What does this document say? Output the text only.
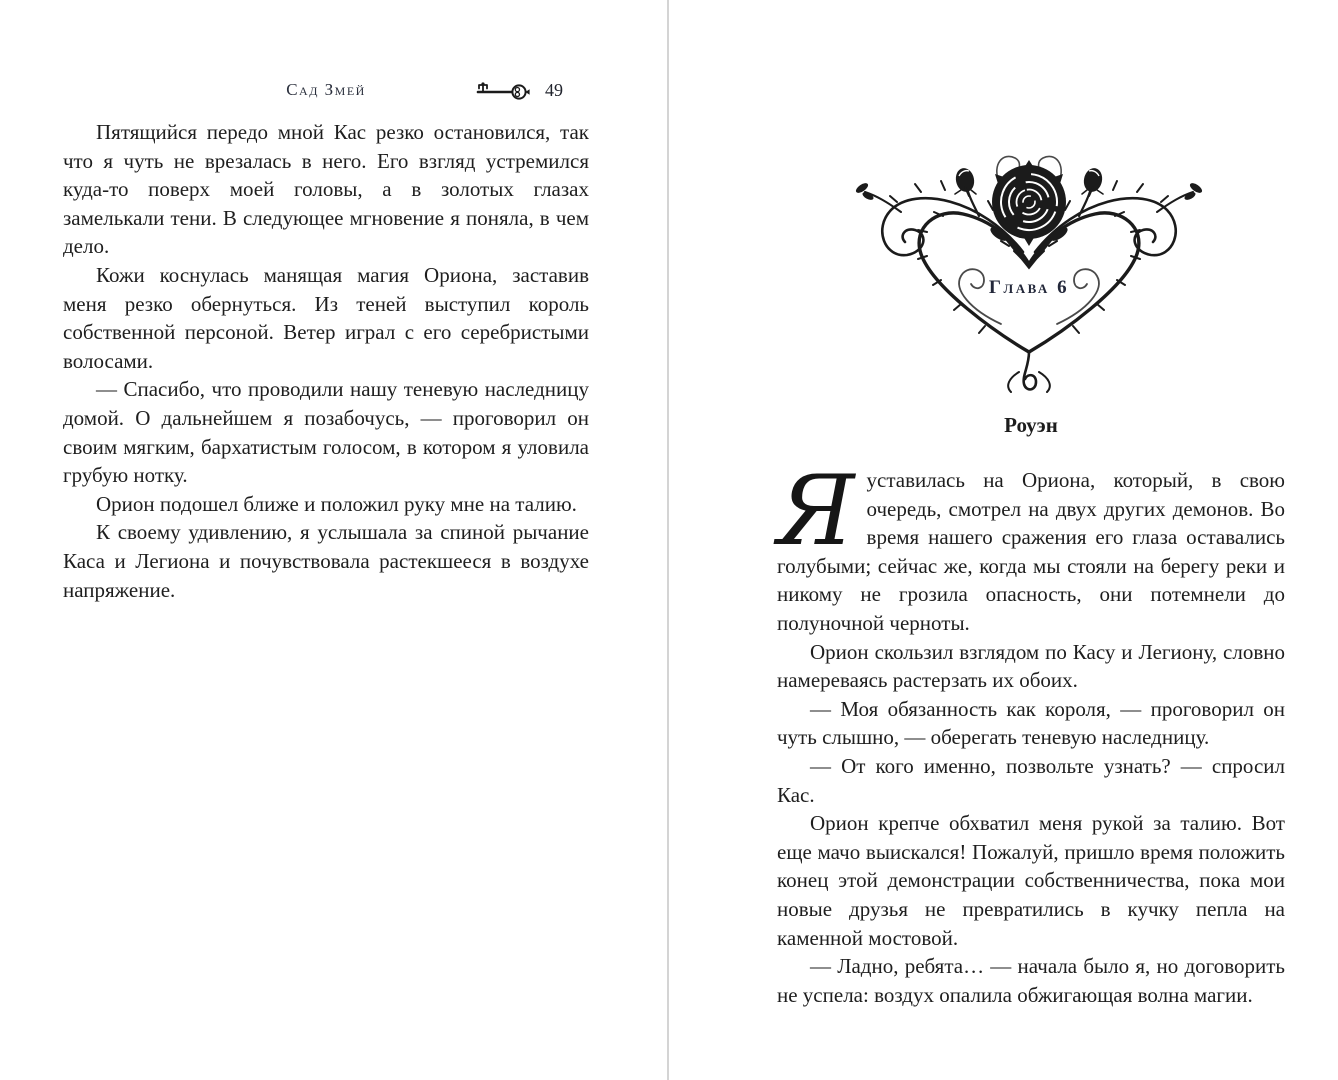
Сад Змей	49

Пятящийся передо мной Кас резко остановился, так что я чуть не врезалась в него. Его взгляд устремился куда-то поверх моей головы, а в золотых глазах замелькали тени. В следующее мгновение я поняла, в чем дело.

Кожи коснулась манящая магия Ориона, заставив меня резко обернуться. Из теней выступил король собственной персоной. Ветер играл с его серебристыми волосами.

— Спасибо, что проводили нашу теневую наследницу домой. О дальнейшем я позабочусь, — проговорил он своим мягким, бархатистым голосом, в котором я уловила грубую нотку.

Орион подошел ближе и положил руку мне на талию.

К своему удивлению, я услышала за спиной рычание Каса и Легиона и почувствовала растекшееся в воздухе напряжение.

Глава 6
Роуэн

Я уставилась на Ориона, который, в свою очередь, смотрел на двух других демонов. Во время нашего сражения его глаза оставались голубыми; сейчас же, когда мы стояли на берегу реки и никому не грозила опасность, они потемнели до полуночной черноты.

Орион скользил взглядом по Касу и Легиону, словно намереваясь растерзать их обоих.

— Моя обязанность как короля, — проговорил он чуть слышно, — оберегать теневую наследницу.

— От кого именно, позвольте узнать? — спросил Кас.

Орион крепче обхватил меня рукой за талию. Вот еще мачо выискался! Пожалуй, пришло время положить конец этой демонстрации собственничества, пока мои новые друзья не превратились в кучку пепла на каменной мостовой.

— Ладно, ребята… — начала было я, но договорить не успела: воздух опалила обжигающая волна магии.
